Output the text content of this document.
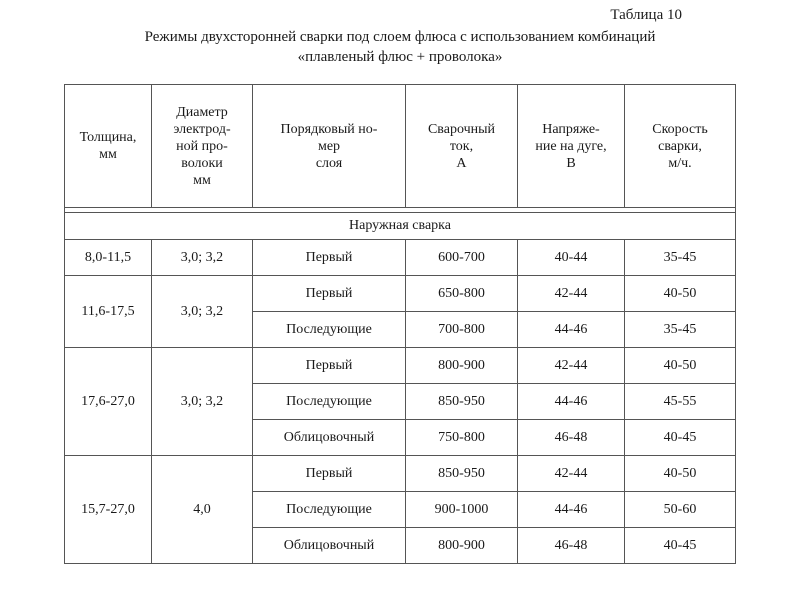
Таблица 10
Режимы двухсторонней сварки под слоем флюса с использованием комбинаций
«плавленый флюс + проволока»
Толщина,
мм	Диаметр
электрод-
ной про-
волоки
мм	Порядковый но-
мер
слоя	Сварочный
ток,
А	Напряже-
ние на дуге,
В	Скорость
сварки,
м/ч.

Наружная сварка					
8,0-11,5	3,0; 3,2	Первый	600-700	40-44	35-45
11,6-17,5	3,0; 3,2	Первый	650-800	42-44	40-50
		Последующие	700-800	44-46	35-45
17,6-27,0	3,0; 3,2	Первый	800-900	42-44	40-50
		Последующие	850-950	44-46	45-55
		Облицовочный	750-800	46-48	40-45
15,7-27,0	4,0	Первый	850-950	42-44	40-50
		Последующие	900-1000	44-46	50-60
		Облицовочный	800-900	46-48	40-45
